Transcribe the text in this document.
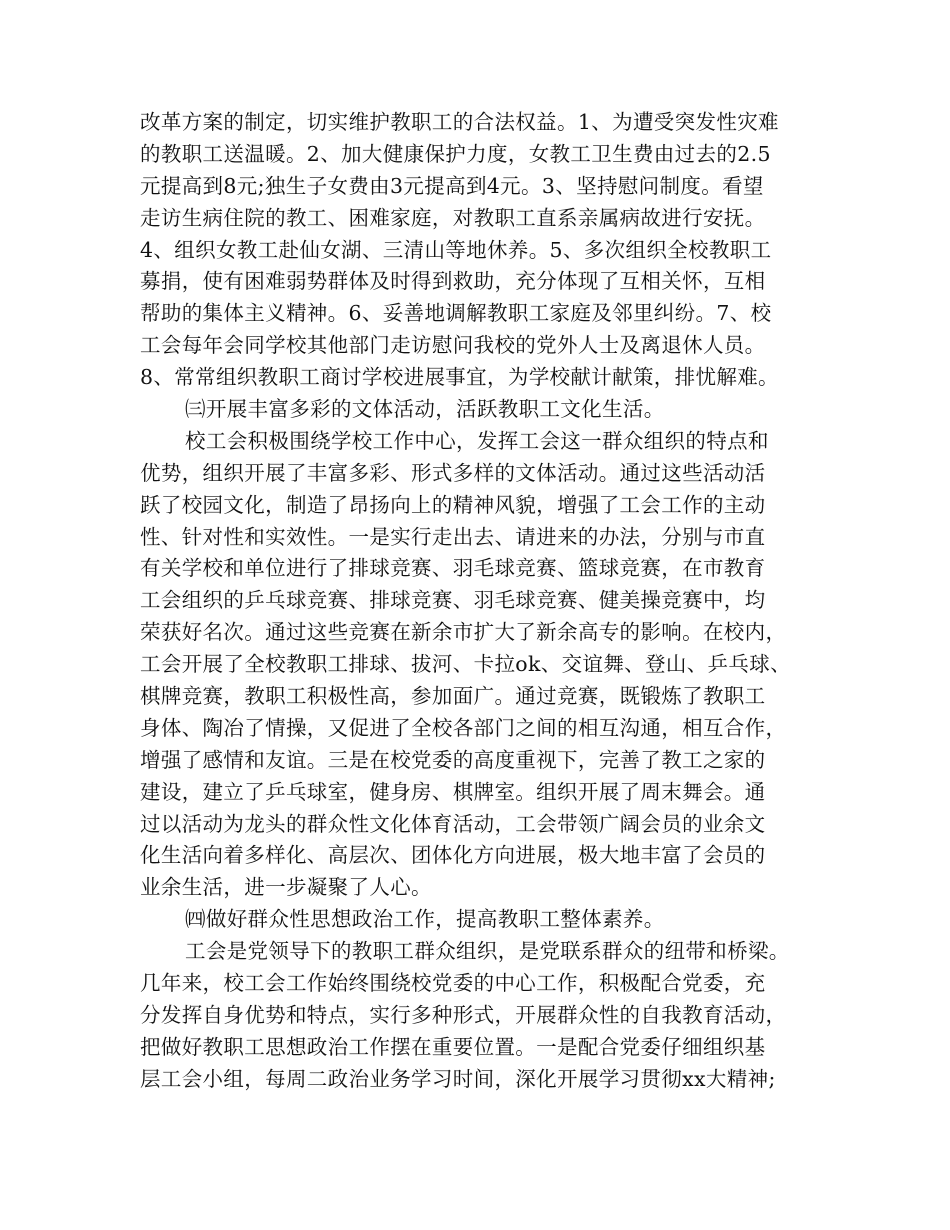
改革方案的制定，切实维护教职工的合法权益。1、为遭受突发性灾难
的教职工送温暖。2、加大健康保护力度，女教工卫生费由过去的2.5
元提高到8元;独生子女费由3元提高到4元。3、坚持慰问制度。看望
走访生病住院的教工、困难家庭，对教职工直系亲属病故进行安抚。
4、组织女教工赴仙女湖、三清山等地休养。5、多次组织全校教职工
募捐，使有困难弱势群体及时得到救助，充分体现了互相关怀，互相
帮助的集体主义精神。6、妥善地调解教职工家庭及邻里纠纷。7、校
工会每年会同学校其他部门走访慰问我校的党外人士及离退休人员。
8、常常组织教职工商讨学校进展事宜，为学校献计献策，排忧解难。
㈢开展丰富多彩的文体活动，活跃教职工文化生活。
校工会积极围绕学校工作中心，发挥工会这一群众组织的特点和
优势，组织开展了丰富多彩、形式多样的文体活动。通过这些活动活
跃了校园文化，制造了昂扬向上的精神风貌，增强了工会工作的主动
性、针对性和实效性。一是实行走出去、请进来的办法，分别与市直
有关学校和单位进行了排球竞赛、羽毛球竞赛、篮球竞赛，在市教育
工会组织的乒乓球竞赛、排球竞赛、羽毛球竞赛、健美操竞赛中，均
荣获好名次。通过这些竞赛在新余市扩大了新余高专的影响。在校内，
工会开展了全校教职工排球、拔河、卡拉ok、交谊舞、登山、乒乓球、
棋牌竞赛，教职工积极性高，参加面广。通过竞赛，既锻炼了教职工
身体、陶冶了情操，又促进了全校各部门之间的相互沟通，相互合作，
增强了感情和友谊。三是在校党委的高度重视下，完善了教工之家的
建设，建立了乒乓球室，健身房、棋牌室。组织开展了周末舞会。通
过以活动为龙头的群众性文化体育活动，工会带领广阔会员的业余文
化生活向着多样化、高层次、团体化方向进展，极大地丰富了会员的
业余生活，进一步凝聚了人心。
㈣做好群众性思想政治工作，提高教职工整体素养。
工会是党领导下的教职工群众组织，是党联系群众的纽带和桥梁。
几年来，校工会工作始终围绕校党委的中心工作，积极配合党委，充
分发挥自身优势和特点，实行多种形式，开展群众性的自我教育活动，
把做好教职工思想政治工作摆在重要位置。一是配合党委仔细组织基
层工会小组，每周二政治业务学习时间，深化开展学习贯彻xx大精神;
